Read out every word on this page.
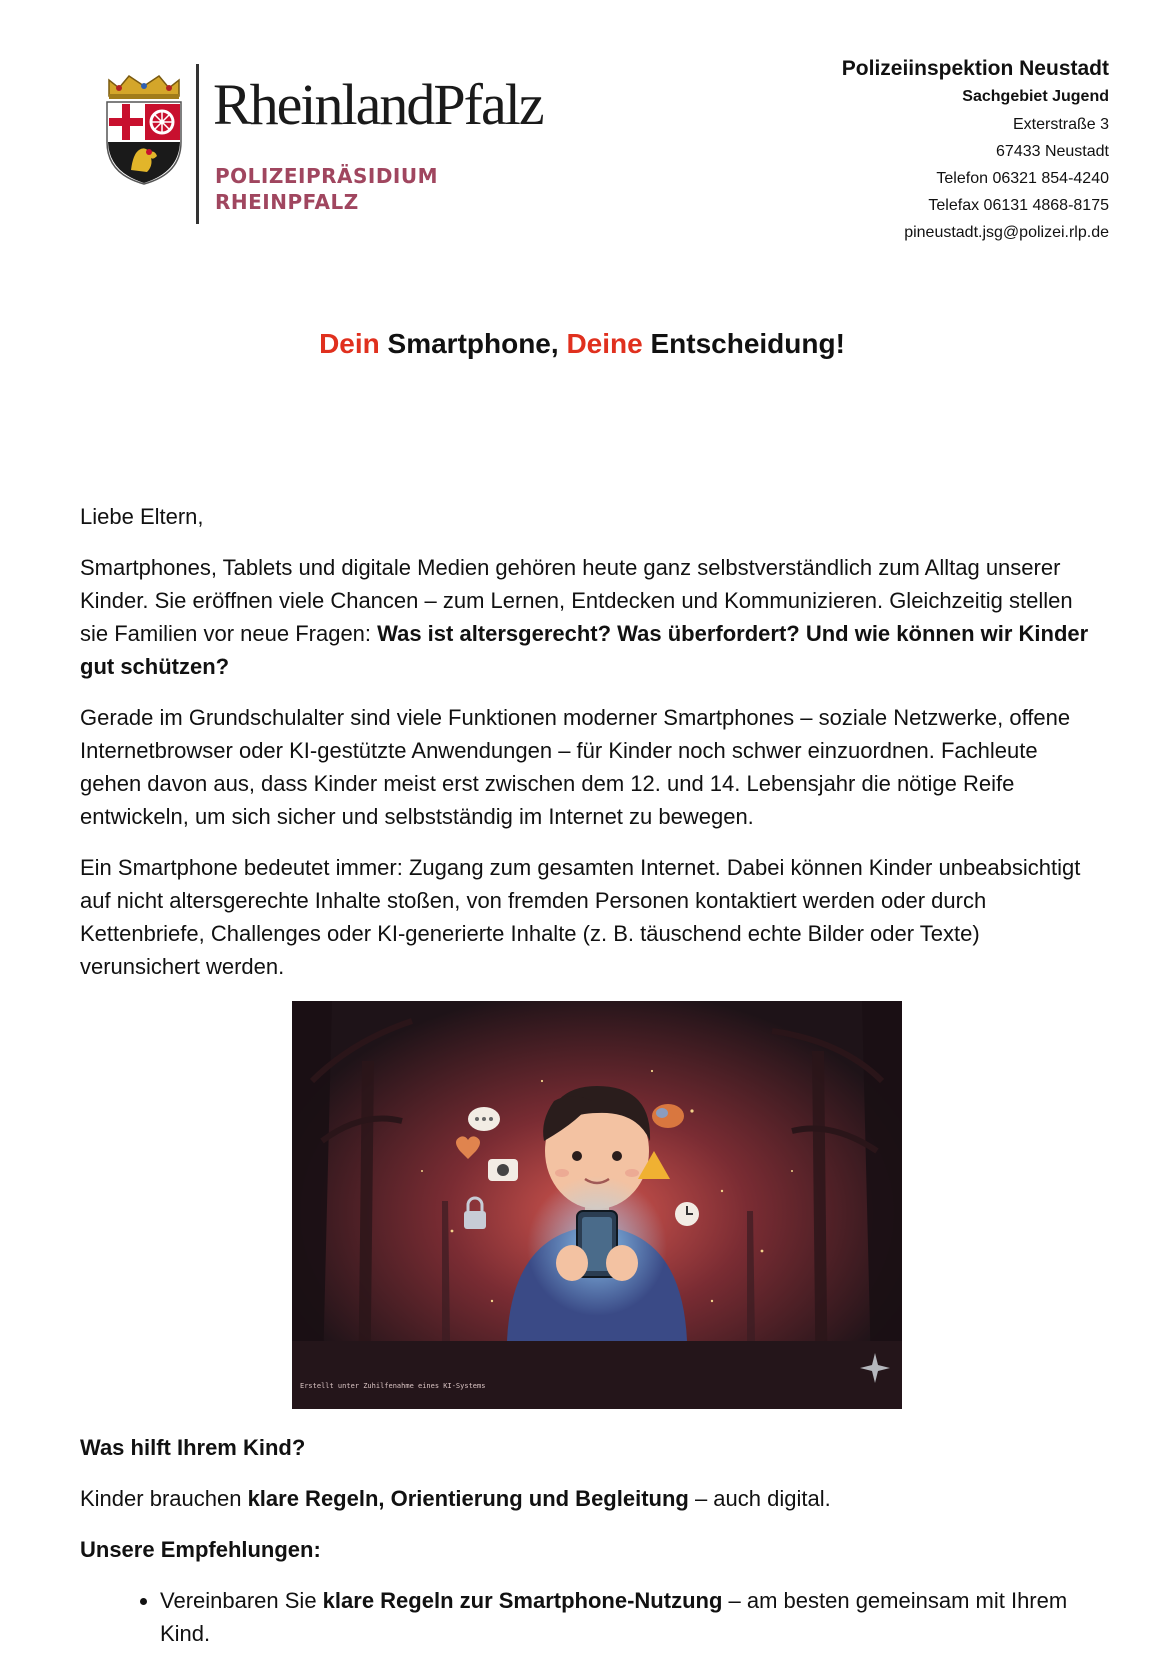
RheinlandPfalz
POLIZEIPRÄSIDIUM
RHEINPFALZ
Polizeiinspektion Neustadt
Sachgebiet Jugend
Exterstraße 3
67433 Neustadt
Telefon 06321 854-4240
Telefax 06131 4868-8175
pineustadt.jsg@polizei.rlp.de
Dein Smartphone, Deine Entscheidung!

Liebe Eltern,

Smartphones, Tablets und digitale Medien gehören heute ganz selbstverständlich zum Alltag unserer Kinder. Sie eröffnen viele Chancen – zum Lernen, Entdecken und Kommunizieren. Gleichzeitig stellen sie Familien vor neue Fragen: Was ist altersgerecht? Was überfordert? Und wie können wir Kinder gut schützen?

Gerade im Grundschulalter sind viele Funktionen moderner Smartphones – soziale Netzwerke, offene Internetbrowser oder KI-gestützte Anwendungen – für Kinder noch schwer einzuordnen. Fachleute gehen davon aus, dass Kinder meist erst zwischen dem 12. und 14. Lebensjahr die nötige Reife entwickeln, um sich sicher und selbstständig im Internet zu bewegen.

Ein Smartphone bedeutet immer: Zugang zum gesamten Internet. Dabei können Kinder unbeabsichtigt auf nicht altersgerechte Inhalte stoßen, von fremden Personen kontaktiert werden oder durch Kettenbriefe, Challenges oder KI-generierte Inhalte (z. B. täuschend echte Bilder oder Texte) verunsichert werden.

Erstellt unter Zuhilfenahme eines KI-Systems

Was hilft Ihrem Kind?

Kinder brauchen klare Regeln, Orientierung und Begleitung – auch digital.

Unsere Empfehlungen:

• Vereinbaren Sie klare Regeln zur Smartphone-Nutzung – am besten gemeinsam mit Ihrem Kind.
